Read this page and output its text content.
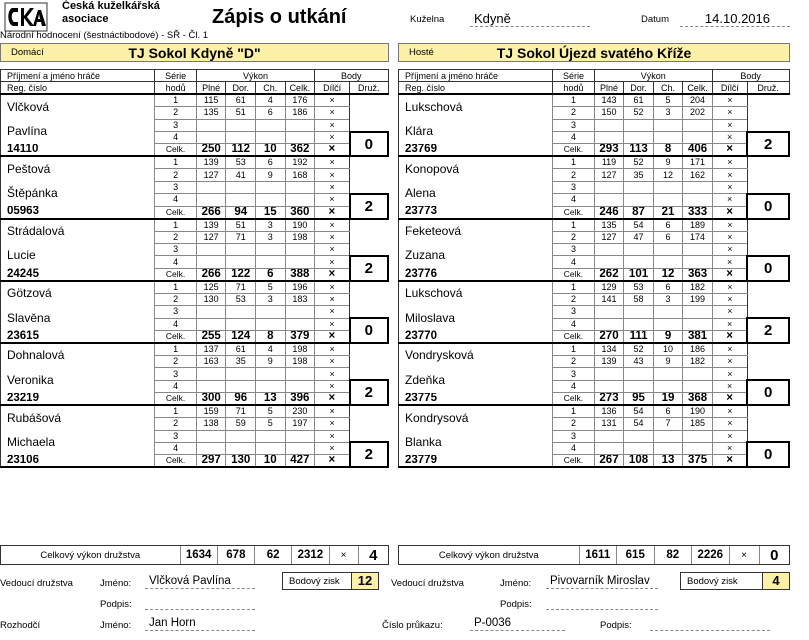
Česká kuželkářská
asociace
Národní hodnocení (šestnáctibodové) - SŘ - Čl. 1
Zápis o utkání	Kuželna	Kdyně	Datum	14.10.2016
Domácí	TJ Sokol Kdyně "D"	Hosté	TJ Sokol Újezd svatého Kříže
Příjmení a jméno hráče	Série	Výkon				Body	
Reg. číslo	hodů	Plné	Dor.	Ch.	Celk.	Dílčí	Druž.
Vlčková	1	115	61	4	176	×	
	2	135	51	6	186	×	
Pavlína	3					×	
	4					×	0
14110	Celk.	250	112	10	362	×	
Peštová	1	139	53	6	192	×	
	2	127	41	9	168	×	
Štěpánka	3					×	
	4					×	2
05963	Celk.	266	94	15	360	×	
Strádalová	1	139	51	3	190	×	
	2	127	71	3	198	×	
Lucie	3					×	
	4					×	2
24245	Celk.	266	122	6	388	×	
Götzová	1	125	71	5	196	×	
	2	130	53	3	183	×	
Slavěna	3					×	
	4					×	0
23615	Celk.	255	124	8	379	×	
Dohnalová	1	137	61	4	198	×	
	2	163	35	9	198	×	
Veronika	3					×	
	4					×	2
23219	Celk.	300	96	13	396	×	
Rubášová	1	159	71	5	230	×	
	2	138	59	5	197	×	
Michaela	3					×	
	4					×	2
23106	Celk.	297	130	10	427	×	
Příjmení a jméno hráče	Série	Výkon				Body	
Reg. číslo	hodů	Plné	Dor.	Ch.	Celk.	Dílčí	Druž.
Lukschová	1	143	61	5	204	×	
	2	150	52	3	202	×	
Klára	3					×	
	4					×	2
23769	Celk.	293	113	8	406	×	
Konopová	1	119	52	9	171	×	
	2	127	35	12	162	×	
Alena	3					×	
	4					×	0
23773	Celk.	246	87	21	333	×	
Feketeová	1	135	54	6	189	×	
	2	127	47	6	174	×	
Zuzana	3					×	
	4					×	0
23776	Celk.	262	101	12	363	×	
Lukschová	1	129	53	6	182	×	
	2	141	58	3	199	×	
Miloslava	3					×	
	4					×	2
23770	Celk.	270	111	9	381	×	
Vondrysková	1	134	52	10	186	×	
	2	139	43	9	182	×	
Zdeňka	3					×	
	4					×	0
23775	Celk.	273	95	19	368	×	
Kondrysová	1	136	54	6	190	×	
	2	131	54	7	185	×	
Blanka	3					×	
	4					×	0
23779	Celk.	267	108	13	375	×	
Celkový výkon družstva	1634	678	62	2312	×	4	Celkový výkon družstva	1611	615	82	2226	×	0
Vedoucí družstva	Jméno:	Vlčková Pavlína
Podpis:
Bodový zisk	12	Vedoucí družstva	Jméno:	Pivovarník Miroslav
Podpis:
Bodový zisk	4
Rozhodčí	Jméno:	Jan Horn	Číslo průkazu:	P-0036	Podpis:
